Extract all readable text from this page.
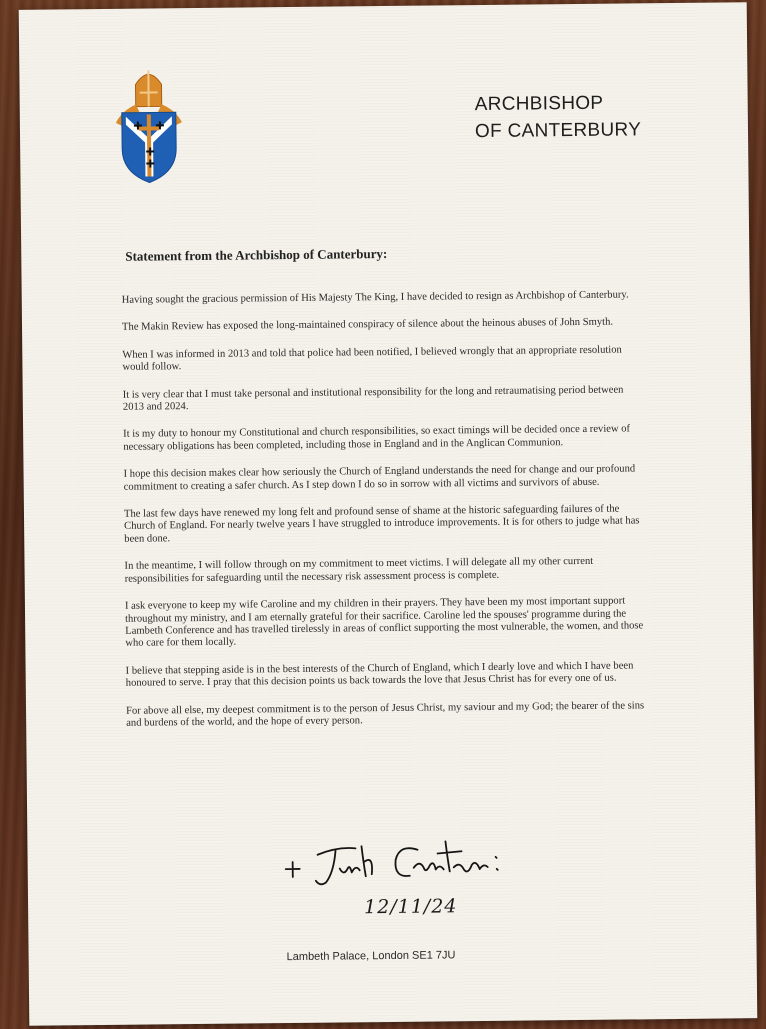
ARCHBISHOP
OF CANTERBURY
Statement from the Archbishop of Canterbury:

Having sought the gracious permission of His Majesty The King, I have decided to resign as Archbishop of Canterbury.

The Makin Review has exposed the long-maintained conspiracy of silence about the heinous abuses of John Smyth.

When I was informed in 2013 and told that police had been notified, I believed wrongly that an appropriate resolution would follow.

It is very clear that I must take personal and institutional responsibility for the long and retraumatising period between 2013 and 2024.

It is my duty to honour my Constitutional and church responsibilities, so exact timings will be decided once a review of necessary obligations has been completed, including those in England and in the Anglican Communion.

I hope this decision makes clear how seriously the Church of England understands the need for change and our profound commitment to creating a safer church. As I step down I do so in sorrow with all victims and survivors of abuse.

The last few days have renewed my long felt and profound sense of shame at the historic safeguarding failures of the Church of England. For nearly twelve years I have struggled to introduce improvements. It is for others to judge what has been done.

In the meantime, I will follow through on my commitment to meet victims. I will delegate all my other current responsibilities for safeguarding until the necessary risk assessment process is complete.

I ask everyone to keep my wife Caroline and my children in their prayers. They have been my most important support throughout my ministry, and I am eternally grateful for their sacrifice. Caroline led the spouses' programme during the Lambeth Conference and has travelled tirelessly in areas of conflict supporting the most vulnerable, the women, and those who care for them locally.

I believe that stepping aside is in the best interests of the Church of England, which I dearly love and which I have been honoured to serve. I pray that this decision points us back towards the love that Jesus Christ has for every one of us.

For above all else, my deepest commitment is to the person of Jesus Christ, my saviour and my God; the bearer of the sins and burdens of the world, and the hope of every person.

12/11/24
Lambeth Palace, London SE1 7JU
